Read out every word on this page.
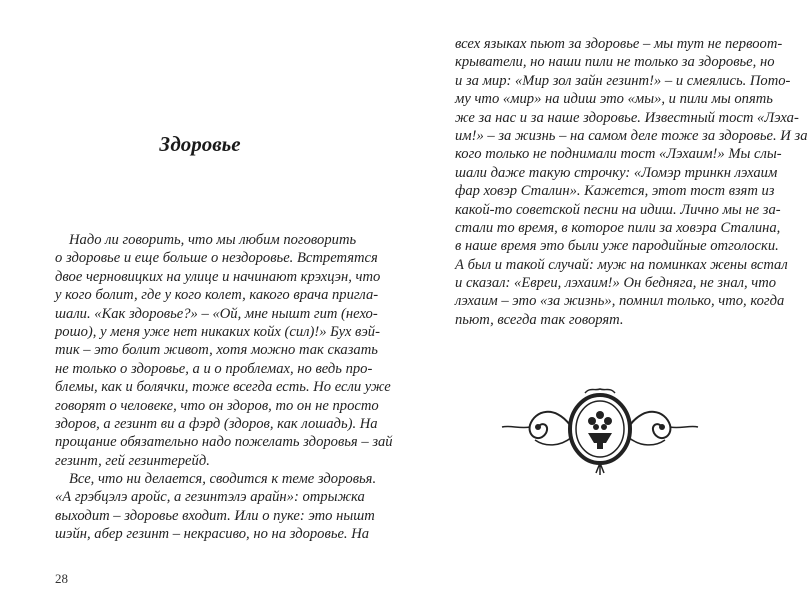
Здоровье
Надо ли говорить, что мы любим поговорить
о здоровье и еще больше о нездоровье. Встретятся
двое черновицких на улице и начинают крэхцэн, что
у кого болит, где у кого колет, какого врача пригла-
шали. «Как здоровье?» – «Ой, мне нышт гит (нехо-
рошо), у меня уже нет никаких койх (сил)!» Бух вэй-
тик – это болит живот, хотя можно так сказать
не только о здоровье, а и о проблемах, но ведь про-
блемы, как и болячки, тоже всегда есть. Но если уже
говорят о человеке, что он здоров, то он не просто
здоров, а гезинт ви а фэрд (здоров, как лошадь). На
прощание обязательно надо пожелать здоровья – зай
гезинт, гей гезинтерейд.
Все, что ни делается, сводится к теме здоровья.
«А грэбцэлэ аройс, а гезинтэлэ арайн»: отрыжка
выходит – здоровье входит. Или о пуке: это нышт
шэйн, абер гезинт – некрасиво, но на здоровье. На
28
всех языках пьют за здоровье – мы тут не первоот-
крыватели, но наши пили не только за здоровье, но
и за мир: «Мир зол зайн гезинт!» – и смеялись. Пото-
му что «мир» на идиш это «мы», и пили мы опять
же за нас и за наше здоровье. Известный тост «Лэха-
им!» – за жизнь – на самом деле тоже за здоровье. И за
кого только не поднимали тост «Лэхаим!» Мы слы-
шали даже такую строчку: «Ломэр тринкн лэхаим
фар ховэр Сталин». Кажется, этот тост взят из
какой-то советской песни на идиш. Лично мы не за-
стали то время, в которое пили за ховэра Сталина,
в наше время это были уже пародийные отголоски.
А был и такой случай: муж на поминках жены встал
и сказал: «Евреи, лэхаим!» Он бедняга, не знал, что
лэхаим – это «за жизнь», помнил только, что, когда
пьют, всегда так говорят.
